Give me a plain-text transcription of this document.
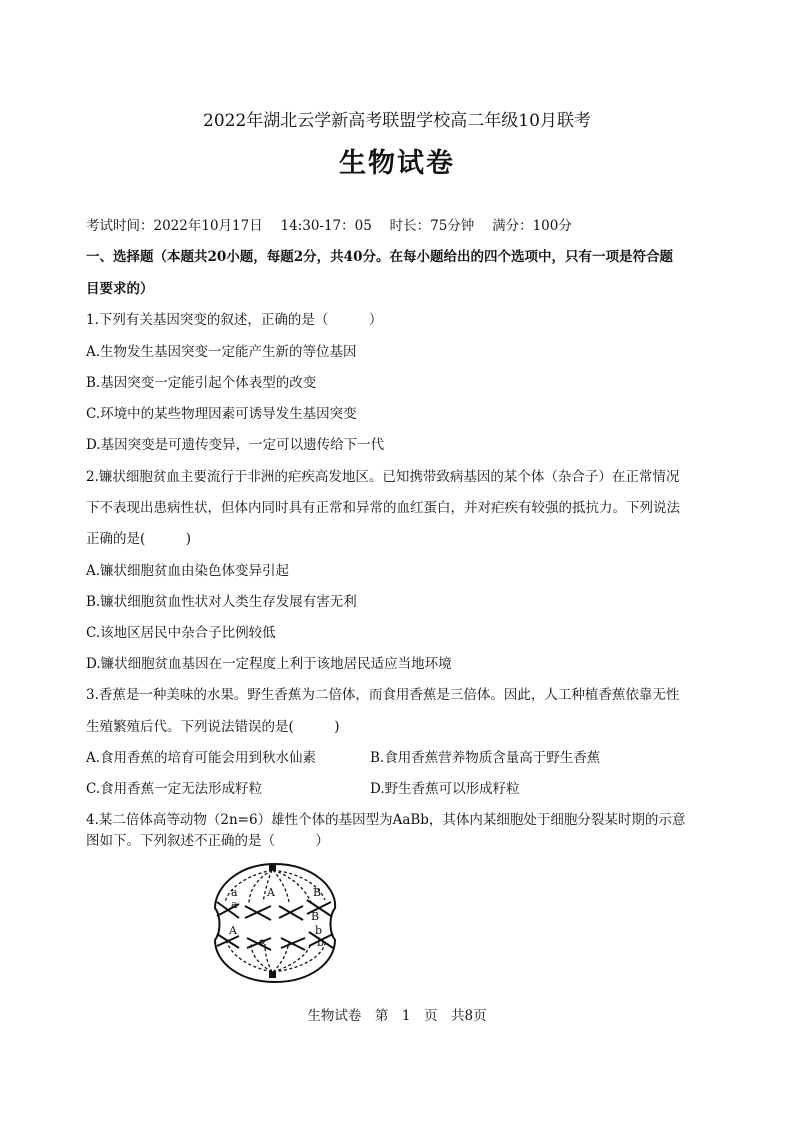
2022年湖北云学新高考联盟学校高二年级10月联考
生物试卷
考试时间：2022年10月17日　 14:30-17：05　 时长：75分钟　 满分：100分
一、选择题（本题共20小题，每题2分，共40分。在每小题给出的四个选项中，只有一项是符合题
目要求的）
1.下列有关基因突变的叙述，正确的是（　　　）
A.生物发生基因突变一定能产生新的等位基因
B.基因突变一定能引起个体表型的改变
C.环境中的某些物理因素可诱导发生基因突变
D.基因突变是可遗传变异，一定可以遗传给下一代
2.镰状细胞贫血主要流行于非洲的疟疾高发地区。已知携带致病基因的某个体（杂合子）在正常情况
下不表现出患病性状，但体内同时具有正常和异常的血红蛋白，并对疟疾有较强的抵抗力。下列说法
正确的是(　　　)
A.镰状细胞贫血由染色体变异引起
B.镰状细胞贫血性状对人类生存发展有害无利
C.该地区居民中杂合子比例较低
D.镰状细胞贫血基因在一定程度上利于该地居民适应当地环境
3.香蕉是一种美味的水果。野生香蕉为二倍体，而食用香蕉是三倍体。因此，人工种植香蕉依靠无性
生殖繁殖后代。下列说法错误的是(　　　)
A.食用香蕉的培育可能会用到秋水仙素	B.食用香蕉营养物质含量高于野生香蕉
C.食用香蕉一定无法形成籽粒	D.野生香蕉可以形成籽粒
4.某二倍体高等动物（2n=6）雄性个体的基因型为AaBb，其体内某细胞处于细胞分裂某时期的示意
图如下。下列叙述不正确的是（　　　）
a
a
A
A
B
B
b
b
生物试卷　第　1　页　共8页
